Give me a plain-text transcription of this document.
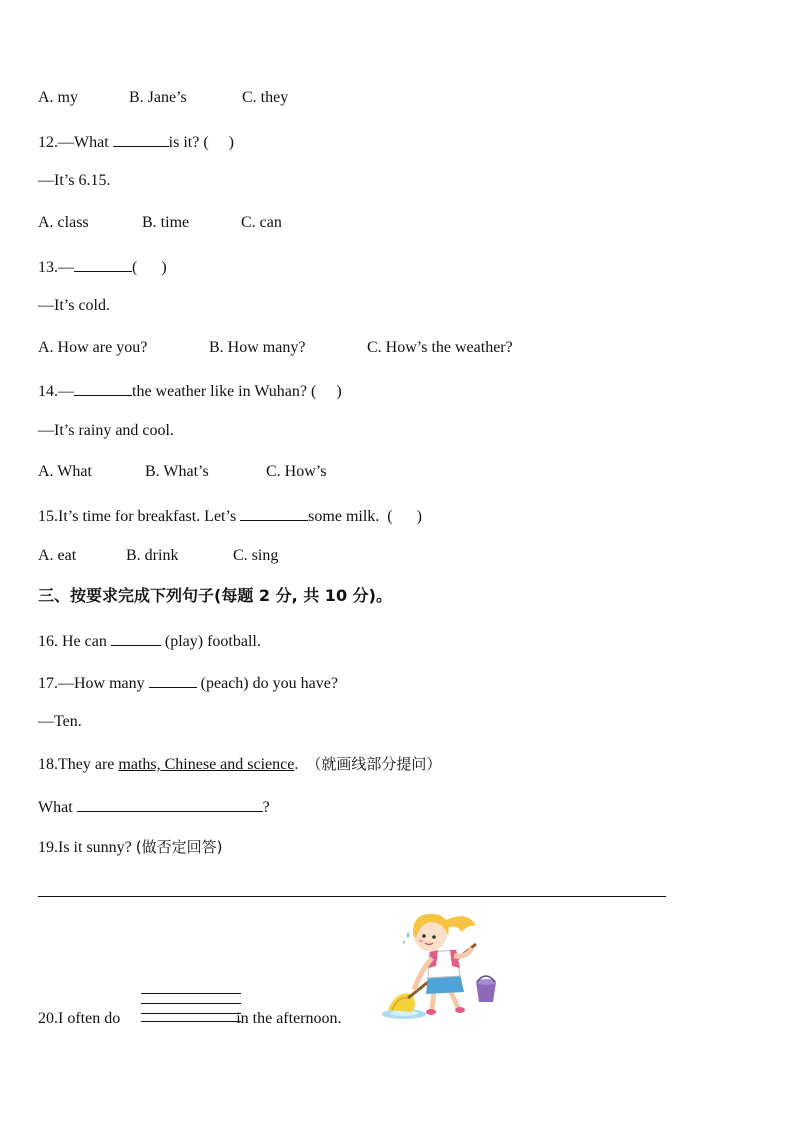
A. my	B. Jane’s	C. they
12.—What	is it? (     )
—It’s 6.15.
A. class	B. time	C. can
13.—	(      )
—It’s cold.
A. How are you?	B. How many?	C. How’s the weather?
14.—	the weather like in Wuhan? (     )
—It’s rainy and cool.
A. What	B. What’s	C. How’s
15.It’s time for breakfast. Let’s	some milk.  (      )
A. eat	B. drink	C. sing
三、按要求完成下列句子(每题 2 分, 共 10 分)。
16. He can	(play) football.
17.—How many	(peach) do you have?
—Ten.
18.They are maths, Chinese and science.  （就画线部分提问）
What	?
19.Is it sunny? (做否定回答)
20.I often do	in the afternoon.
